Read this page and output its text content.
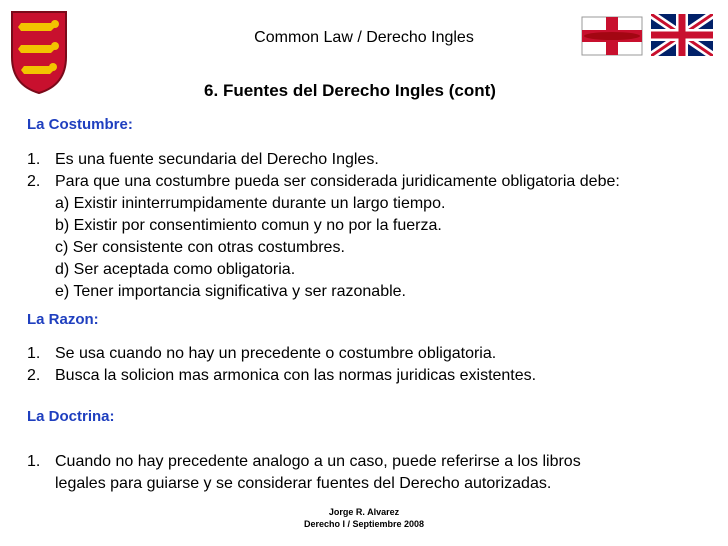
Common Law / Derecho Ingles
6. Fuentes del Derecho Ingles (cont)
La Costumbre:
1. Es una fuente secundaria del Derecho Ingles.
2. Para que una costumbre pueda ser considerada juridicamente obligatoria debe:
a) Existir ininterrumpidamente durante un largo tiempo.
b) Existir por consentimiento comun y no por la fuerza.
c) Ser consistente con otras costumbres.
d) Ser aceptada como obligatoria.
e) Tener importancia significativa y ser razonable.
La Razon:
1. Se usa cuando no hay un precedente o costumbre obligatoria.
2. Busca la solicion mas armonica con las normas juridicas existentes.
La Doctrina:
1. Cuando no hay precedente analogo a un caso, puede referirse a los libros
legales para guiarse y se considerar fuentes del Derecho autorizadas.
Jorge R. Alvarez
Derecho I / Septiembre 2008
